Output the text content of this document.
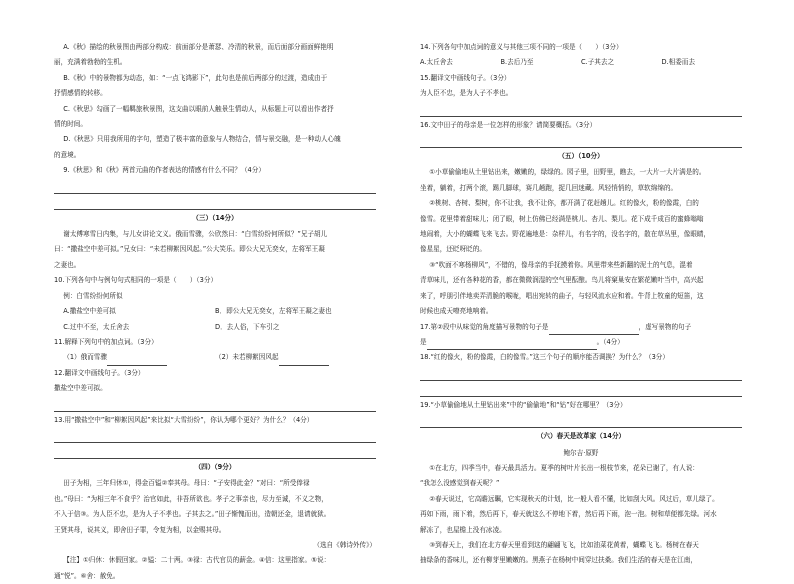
A.《秋》描绘的秋景图由两部分构成：前面部分是萧瑟、冷清的秋景，而后面部分画面鲜艳明

丽，充满着勃勃的生机。

B.《秋》中的景物都为动态，如：“一点飞鸿影下”，此句也是前后两部分的过渡，造成由于

抒情感情的转移。

C.《秋思》勾画了一幅羁旅秋景图，这支曲以眼前人触景生情动人，从标题上可以看出作者抒

情的时间。

D.《秋思》只用我所用的字句，塑造了极丰富的意象与人物结合，情与景交融，是一种动人心魄

的意境。

9.《秋思》和《秋》两首元曲的作者表达的情感有什么不同？（4分）

（三）（14分）

谢太傅寒雪日内集，与儿女讲论文义。俄而雪骤，公欣然曰：“白雪纷纷何所似？”兄子胡儿

曰：“撒盐空中差可拟。”兄女曰：“未若柳絮因风起。”公大笑乐。即公大兄无奕女，左将军王凝

之妻也。

10.下列各句中与例句句式相同的一项是（　　）（3分）

例：白雪纷纷何所似

A.撒盐空中差可拟	B．即公大兄无奕女，左将军王凝之妻也
C.过中不至，太丘舍去	D．去人俗，下车引之

11.解释下列句中的加点词。（3分）

（1）俄而雪骤	（2）未若柳絮因风起

12.翻译文中画线句子。（3分）

撒盐空中差可拟。

13.用“撒盐空中”和“柳絮因风起”来比拟“大雪纷纷”，你认为哪个更好？为什么？（4分）

（四）（9分）

田子为相，三年归休①，得金百镒②奉其母。母曰：“子安得此金？”对曰：“所受俸禄

也。”母曰：“为相三年不食乎？治官如此，非吾所欲也。孝子之事亲也，尽力至诚，不义之物，

不入于信③。为人臣不忠，是为人子不孝也。子其去之。”田子惭愧而出，造朝还金，退请就狱。

王贤其母，说其义，即舍田子罪，令复为相，以金赐其母。

（选自《韩诗外传》）

【注】①归休：休假回家。②镒：二十两。③禄：古代官员的薪金。④信：这里指家。⑤说：

通“悦”。⑥舍：赦免。

14.下列各句中加点词的意义与其他三项不同的一项是（　　）（3分）

A.太丘舍去	B.去后乃至	C.子其去之	D.相委而去

15.翻译文中画线句子。（3分）

为人臣不忠，是为人子不孝也。

16.文中田子的母亲是一位怎样的形象？请简要概括。（3分）

（五）（10分）

①小草偷偷地从土里钻出来，嫩嫩的，绿绿的。园子里，田野里，瞧去，一大片一大片满是的。

坐着，躺着，打两个滚，踢几脚球，赛几趟跑，捉几回迷藏。风轻悄悄的，草软绵绵的。

②桃树、杏树、梨树，你不让我，我不让你，都开满了花赶趟儿。红的像火，粉的像霞，白的

像雪。花里带着甜味儿；闭了眼，树上仿佛已经满是桃儿、杏儿、梨儿。花下成千成百的蜜蜂嗡嗡

地闹着，大小的蝴蝶飞来飞去。野花遍地是：杂样儿，有名字的，没名字的，散在草丛里，像眼睛，

像星星，还眨呀眨的。

③“吹面不寒杨柳风”，不错的，像母亲的手抚摸着你。风里带来些新翻的泥土的气息，混着

青草味儿，还有各种花的香，都在微微润湿的空气里酝酿。鸟儿将窠巢安在繁花嫩叶当中，高兴起

来了，呼朋引伴地卖弄清脆的喉咙，唱出宛转的曲子，与轻风流水应和着。牛背上牧童的短笛，这

时候也成天嘹亮地响着。

17.第②段中从味觉的角度描写景物的句子是	，虚写景物的句子

是	。（4分）

18.“红的像火，粉的像霞，白的像雪。”这三个句子的顺序能否调换？为什么？（3分）

19.“小草偷偷地从土里钻出来”中的“偷偷地”和“钻”好在哪里？（3分）

（六）春天是改革家（14分）

鲍尔吉·原野

①在北方，四季当中，春天最具活力。夏季的树叶片长出一根枝节来，花朵已谢了，有人说：

“我怎么没感觉到春天呢？”

②春天说过，它高瞻远瞩，它实现秋天的计划，比一般人看不懂，比如刮大风。风过后，草儿绿了。

再如下雨，雨下着，然后再下，春天就这么不停地下着，然后再下雨，泡一泡。树和草便都先绿。河水

解冻了，也屋檐上没有冰凌。

③到春天上，我们在北方春天里看到这的翩翩飞飞，比如油菜花黄着，蝴蝶飞飞。杨树在春天

抽绿条的香味儿，还有柳芽里嫩嫩的。黑燕子在杨树中间穿过扶桑。我们生活的春天是在江南，
